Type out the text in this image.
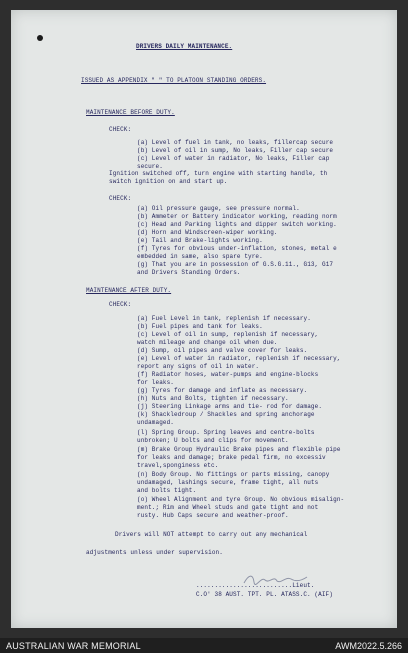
DRIVERS DAILY MAINTENANCE.
ISSUED AS APPENDIX " " TO PLATOON STANDING ORDERS.
MAINTENANCE BEFORE DUTY.
CHECK:
(a) Level of fuel in tank, no leaks, fillercap secure
(b) Level of oil in sump, No leaks, Filler cap secure
(c) Level of water in radiator, No leaks, Filler cap
secure.
Ignition switched off, turn engine with starting handle, th
switch ignition on and start up.
CHECK:
(a) Oil pressure gauge, see pressure normal.
(b) Ammeter or Battery indicator working, reading norm
(c) Head and Parking lights and dipper switch working.
(d) Horn and Windscreen-wiper working.
(e) Tail and Brake-lights working.
(f) Tyres for obvious under-inflation, stones, metal e
embedded in same, also spare tyre.
(g) That you are in possession of G.S.G.11., G13, G17
and Drivers Standing Orders.
MAINTENANCE AFTER DUTY.
CHECK:
(a) Fuel Level in tank, replenish if necessary.
(b) Fuel pipes and tank for leaks.
(c) Level of oil in sump, replenish if necessary,
watch mileage and change oil when due.
(d) Sump, oil pipes and valve cover for leaks.
(e) Level of water in radiator, replenish if necessary,
report any signs of oil in water.
(f) Radiator hoses, water-pumps and engine-blocks
for leaks.
(g) Tyres for damage and inflate as necessary.
(h) Nuts and Bolts, tighten if necessary.
(j) Steering Linkage arms and tie- rod for damage.
(k) Shackledroup / Shackles and spring anchorage
undamaged.
(l) Spring Group. Spring leaves and centre-bolts
unbroken; U bolts and clips for movement.
(m) Brake Group Hydraulic Brake pipes and flexible pipe
for leaks and damage; brake pedal firm, no excessiv
travel,sponginess etc.
(n) Body Group. No fittings or parts missing, canopy
undamaged, lashings secure, frame tight, all nuts
and bolts tight.
(o) Wheel Alignment and tyre Group. No obvious misalign-
ment.; Rim and Wheel studs and gate tight and not
rusty. Hub Caps secure and weather-proof.
Drivers will NOT attempt to carry out any mechanical
adjustments unless under supervision.
..........................Lieut.
C.O' 38 AUST. TPT. PL. ATASS.C. (AIF)
AUSTRALIAN WAR MEMORIAL	AWM2022.5.266
